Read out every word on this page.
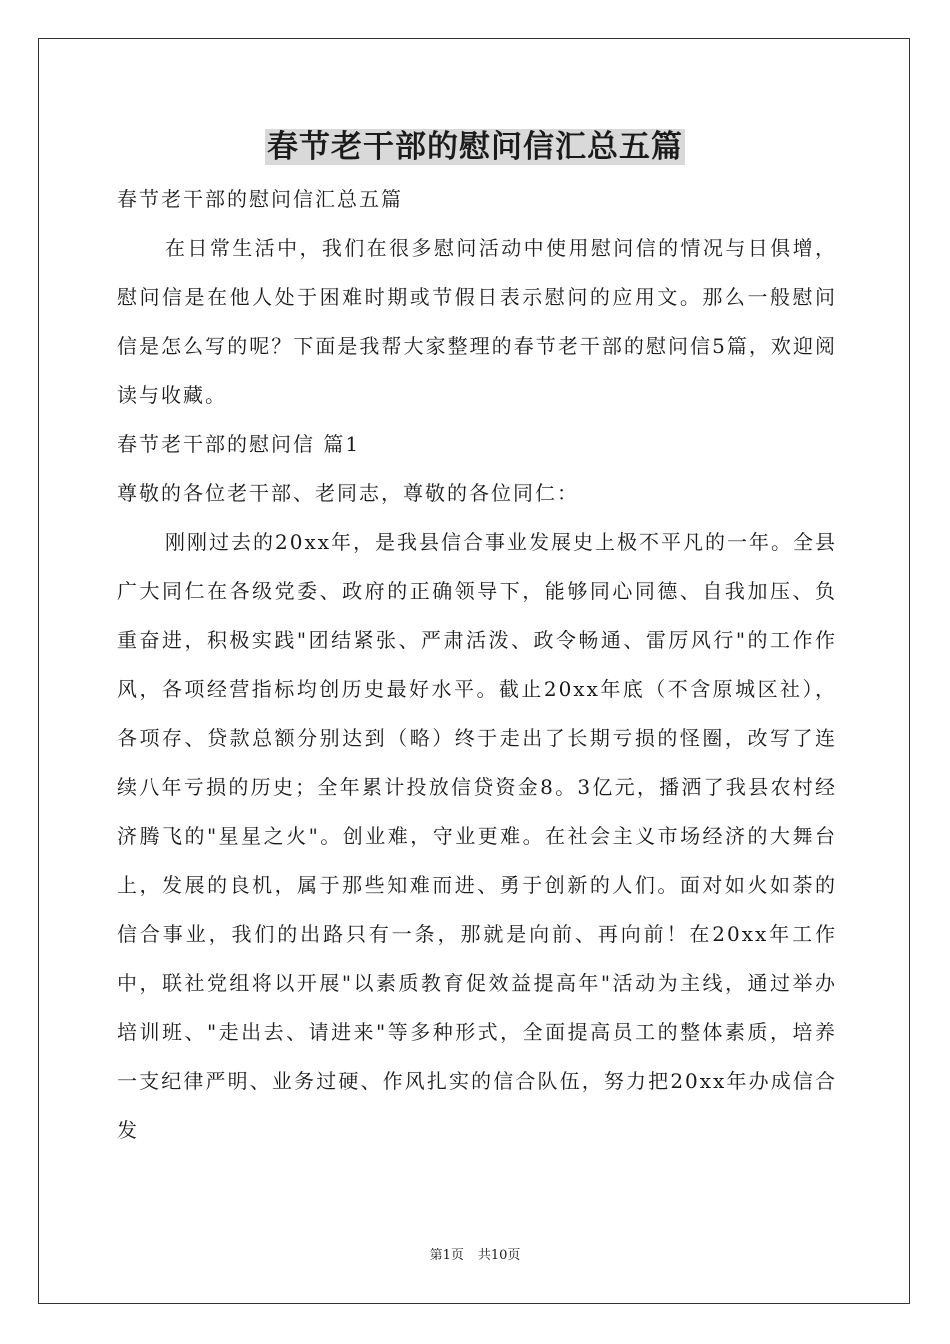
春节老干部的慰问信汇总五篇

春节老干部的慰问信汇总五篇

在日常生活中，我们在很多慰问活动中使用慰问信的情况与日俱增，慰问信是在他人处于困难时期或节假日表示慰问的应用文。那么一般慰问信是怎么写的呢？下面是我帮大家整理的春节老干部的慰问信5篇，欢迎阅读与收藏。

春节老干部的慰问信 篇1

尊敬的各位老干部、老同志，尊敬的各位同仁：

刚刚过去的20xx年，是我县信合事业发展史上极不平凡的一年。全县广大同仁在各级党委、政府的正确领导下，能够同心同德、自我加压、负重奋进，积极实践"团结紧张、严肃活泼、政令畅通、雷厉风行"的工作作风，各项经营指标均创历史最好水平。截止20xx年底（不含原城区社），各项存、贷款总额分别达到（略）终于走出了长期亏损的怪圈，改写了连续八年亏损的历史；全年累计投放信贷资金8。3亿元，播洒了我县农村经济腾飞的"星星之火"。创业难，守业更难。在社会主义市场经济的大舞台上，发展的良机，属于那些知难而进、勇于创新的人们。面对如火如荼的信合事业，我们的出路只有一条，那就是向前、再向前！在20xx年工作中，联社党组将以开展"以素质教育促效益提高年"活动为主线，通过举办培训班、"走出去、请进来"等多种形式，全面提高员工的整体素质，培养一支纪律严明、业务过硬、作风扎实的信合队伍，努力把20xx年办成信合发

第1页 共10页
